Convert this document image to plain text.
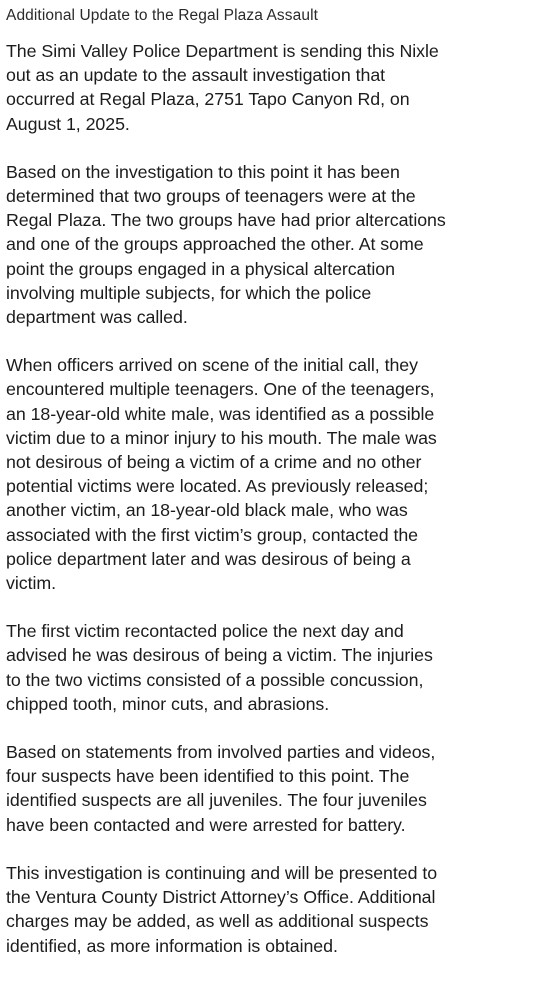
Additional Update to the Regal Plaza Assault
The Simi Valley Police Department is sending this Nixle
out as an update to the assault investigation that
occurred at Regal Plaza, 2751 Tapo Canyon Rd, on
August 1, 2025.
Based on the investigation to this point it has been
determined that two groups of teenagers were at the
Regal Plaza. The two groups have had prior altercations
and one of the groups approached the other. At some
point the groups engaged in a physical altercation
involving multiple subjects, for which the police
department was called.
When officers arrived on scene of the initial call, they
encountered multiple teenagers. One of the teenagers,
an 18-year-old white male, was identified as a possible
victim due to a minor injury to his mouth. The male was
not desirous of being a victim of a crime and no other
potential victims were located. As previously released;
another victim, an 18-year-old black male, who was
associated with the first victim’s group, contacted the
police department later and was desirous of being a
victim.
The first victim recontacted police the next day and
advised he was desirous of being a victim. The injuries
to the two victims consisted of a possible concussion,
chipped tooth, minor cuts, and abrasions.
Based on statements from involved parties and videos,
four suspects have been identified to this point. The
identified suspects are all juveniles. The four juveniles
have been contacted and were arrested for battery.
This investigation is continuing and will be presented to
the Ventura County District Attorney’s Office. Additional
charges may be added, as well as additional suspects
identified, as more information is obtained.
